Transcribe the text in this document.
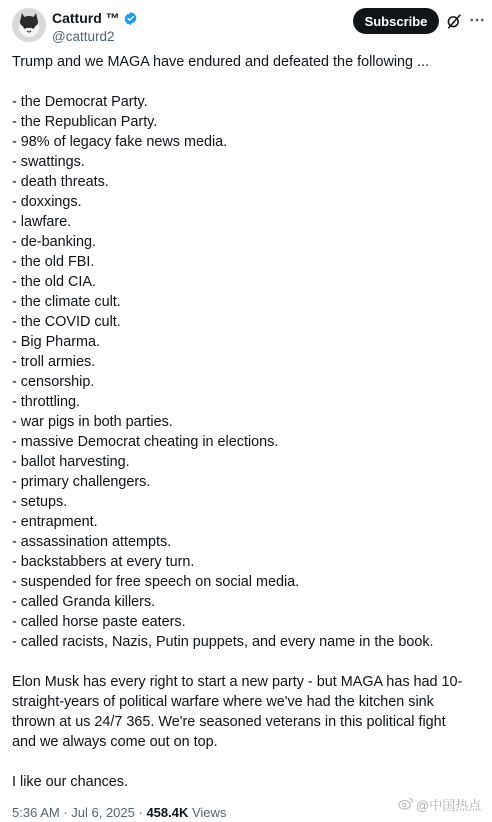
Catturd ™
@catturd2
Subscribe
Trump and we MAGA have endured and defeated the following ...
- the Democrat Party.
- the Republican Party.
- 98% of legacy fake news media.
- swattings.
- death threats.
- doxxings.
- lawfare.
- de-banking.
- the old FBI.
- the old CIA.
- the climate cult.
- the COVID cult.
- Big Pharma.
- troll armies.
- censorship.
- throttling.
- war pigs in both parties.
- massive Democrat cheating in elections.
- ballot harvesting.
- primary challengers.
- setups.
- entrapment.
- assassination attempts.
- backstabbers at every turn.
- suspended for free speech on social media.
- called Granda killers.
- called horse paste eaters.
- called racists, Nazis, Putin puppets, and every name in the book.
Elon Musk has every right to start a new party - but MAGA has had 10-
straight-years of political warfare where we've had the kitchen sink
thrown at us 24/7 365. We're seasoned veterans in this political fight
and we always come out on top.
I like our chances.
5:36 AM · Jul 6, 2025 · 458.4K Views	@中国热点
